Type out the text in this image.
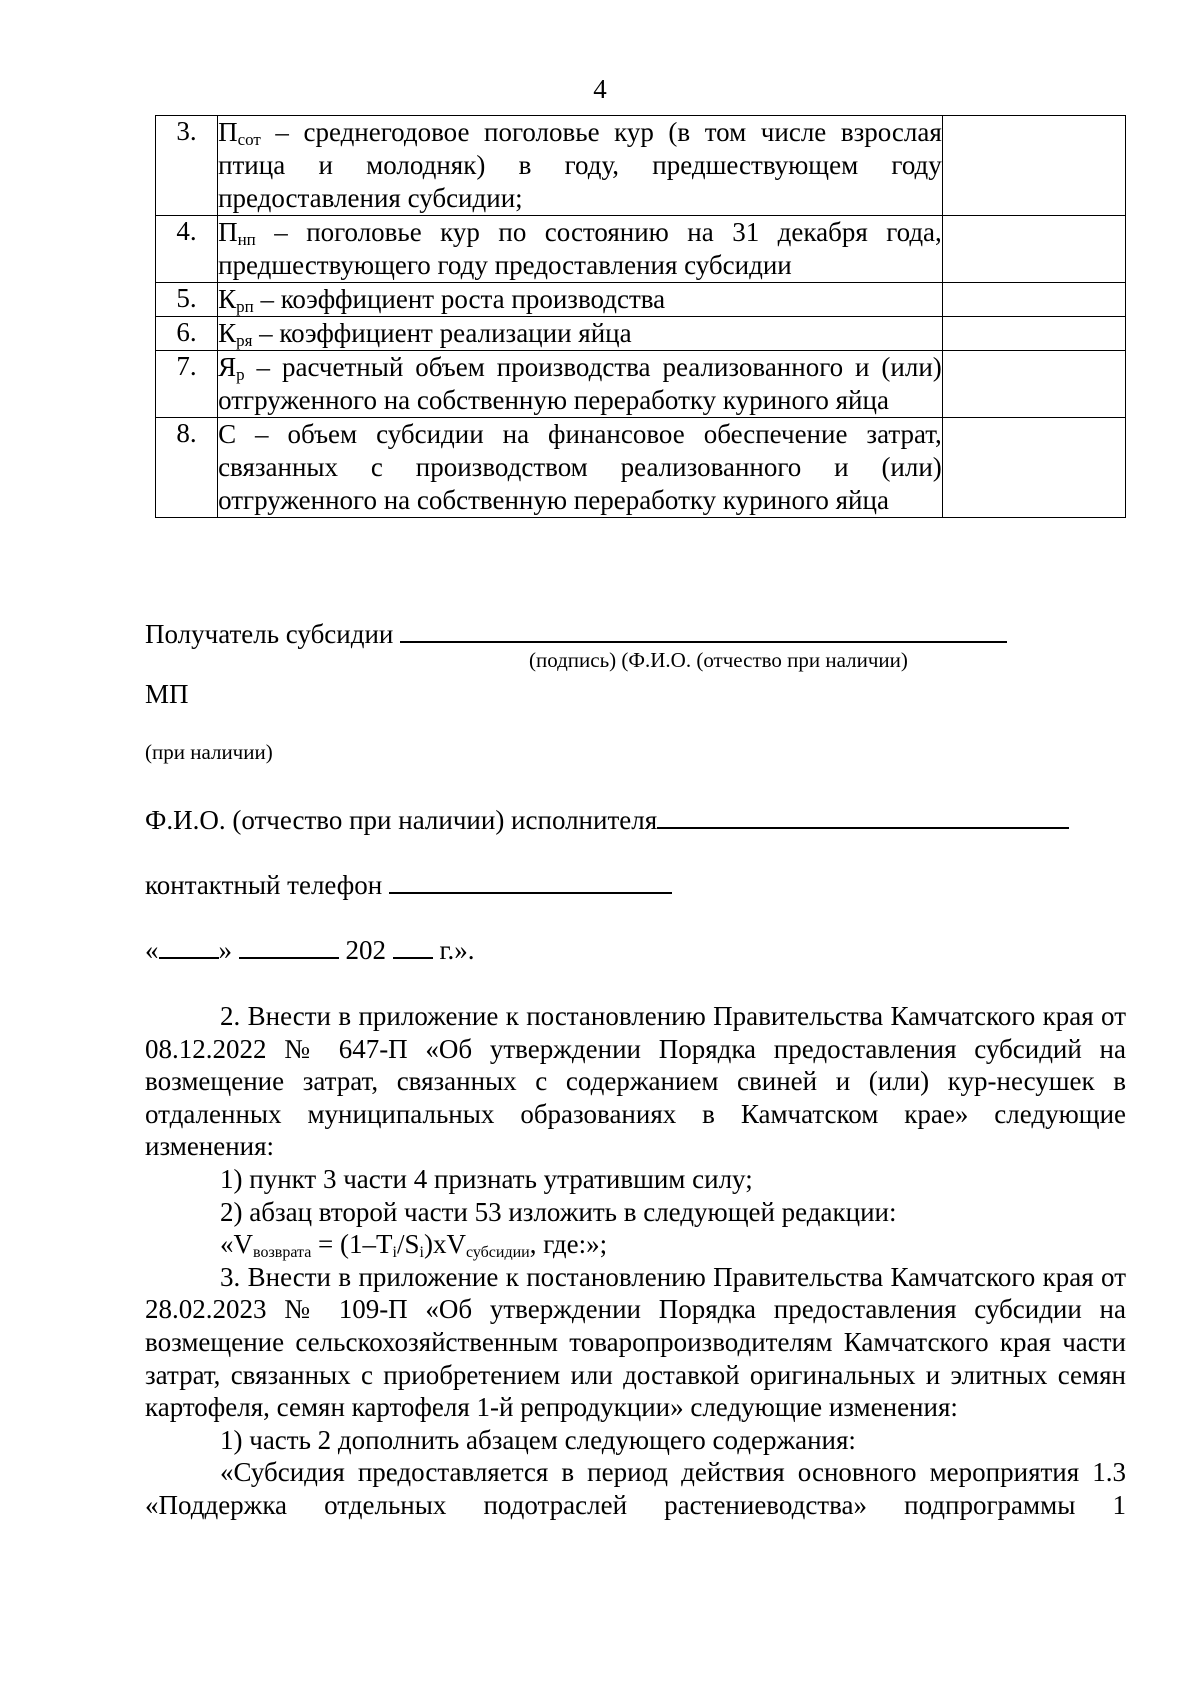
4
3.	$П_{сот}$ – среднегодовое поголовье кур (в том числе взрослая птица и молодняк) в году, предшествующем году предоставления субсидии;	
4.	$П_{нп}$ – поголовье кур по состоянию на 31 декабря года, предшествующего году предоставления субсидии	
5.	$К_{рп}$ – коэффициент роста производства	
6.	$К_{ря}$ – коэффициент реализации яйца	
7.	$Я_р$ – расчетный объем производства реализованного и (или) отгруженного на собственную переработку куриного яйца	
8.	С – объем субсидии на финансовое обеспечение затрат, связанных с производством реализованного и (или) отгруженного на собственную переработку куриного яйца	
Получатель субсидии
(подпись) (Ф.И.О. (отчество при наличии)
МП
(при наличии)
Ф.И.О. (отчество при наличии) исполнителя
контактный телефон
« »	202 г.».

2. Внести в приложение к постановлению Правительства Камчатского края от 08.12.2022 № 647-П «Об утверждении Порядка предоставления субсидий на возмещение затрат, связанных с содержанием свиней и (или) кур-несушек в отдаленных муниципальных образованиях в Камчатском крае» следующие изменения:

1) пункт 3 части 4 признать утратившим силу;

2) абзац второй части 53 изложить в следующей редакции:

«Vвозврата = (1–Ti/Si)xVсубсидии, где:»;

3. Внести в приложение к постановлению Правительства Камчатского края от 28.02.2023 № 109-П «Об утверждении Порядка предоставления субсидии на возмещение сельскохозяйственным товаропроизводителям Камчатского края части затрат, связанных с приобретением или доставкой оригинальных и элитных семян картофеля, семян картофеля 1-й репродукции» следующие изменения:

1) часть 2 дополнить абзацем следующего содержания:

«Субсидия предоставляется в период действия основного мероприятия 1.3 «Поддержка отдельных подотраслей растениеводства» подпрограммы 1
